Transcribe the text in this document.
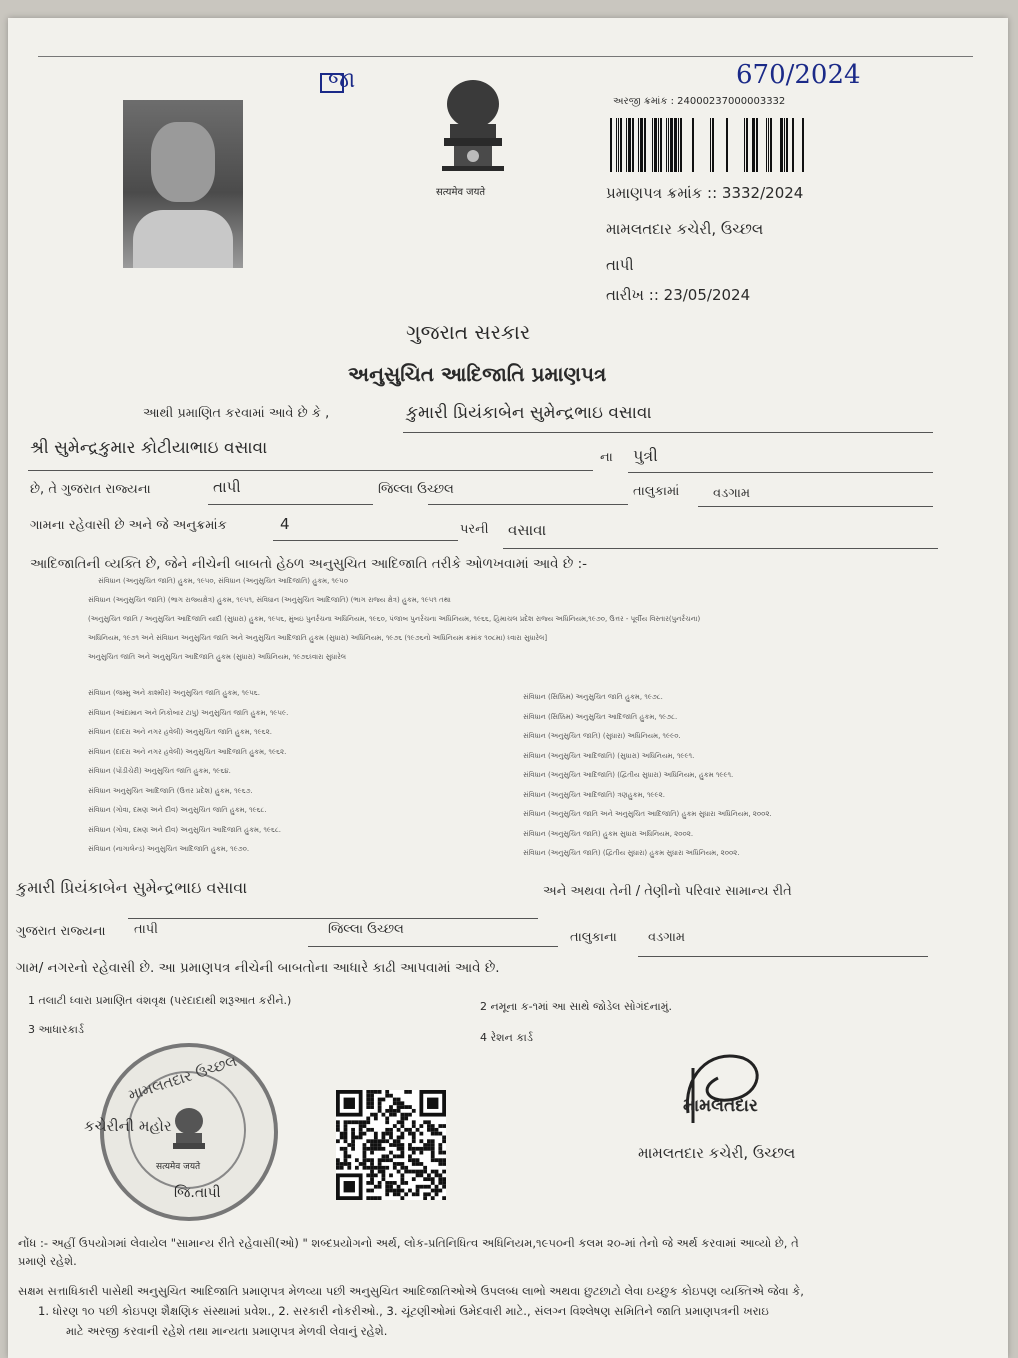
જા	670/2024
सत्यमेव जयते
અરજી ક્રમાંક : 24000237000003332
પ્રમાણપત્ર ક્રમાંક :: 3332/2024
મામલતદાર કચેરી, ઉચ્છલ
તાપી
તારીખ :: 23/05/2024
ગુજરાત સરકાર
અનુસુચિત આદિજાતિ પ્રમાણપત્ર
આથી પ્રમાણિત કરવામાં આવે છે કે ,	કુમારી પ્રિયંકાબેન સુમેન્દ્રભાઇ વસાવા
શ્રી સુમેન્દ્રકુમાર કોટીયાભાઇ વસાવા	ના પુત્રી
છે, તે ગુજરાત રાજ્યના	તાપી	જિલ્લા ઉચ્છલ	તાલુકામાં	વડગામ
ગામના રહેવાસી છે અને જે અનુક્રમાંક	4	પરની વસાવા
આદિજાતિની વ્યક્તિ છે, જેને નીચેની બાબતો હેઠળ અનુસુચિત આદિજાતિ તરીકે ઓળખવામાં આવે છે :-
સંવિધાન (અનુસુચિત જાતિ) હુકમ, ૧૯૫૦, સંવિધાન (અનુસુચિત આદિજાતિ) હુકમ, ૧૯૫૦
સંવિધાન (અનુસુચિત જાતિ) (ભાગ રાજ્યક્ષેત્ર) હુકમ, ૧૯૫૧, સંવિધાન (અનુસુચિત આદિજાતિ) (ભાગ રાજ્ય ક્ષેત્ર) હુકમ, ૧૯૫૧ તથા
(અનુસુચિત જાતિ / અનુસુચિત આદિજાતિ યાદી (સુધારા) હુકમ, ૧૯૫૬, મુંબઇ પુનર્રચના અધિનિયમ, ૧૯૬૦, પંજાબ પુનર્રચના અધિનિયમ, ૧૯૬૬, હિમાચલ પ્રદેશ રાજ્ય અધિનિયમ,૧૯૭૦, ઉત્તર - પૂર્વીય વિસ્તાર(પુનર્રચના)
અધિનિયમ, ૧૯૭૧ અને સંવિધાન અનુસુચિત જાતિ અને અનુસુચિત આદિજાતિ હુકમ (સુધારા) અધિનિયમ, ૧૯૭૬ (૧૯૭૬નો અધિનિયમ ક્રમાંક ૧૦૮મા) ધ્વારા સુધારેલ]
અનુસુચિત જાતિ અને અનુસુચિત આદિજાતિ હુકમ (સુધારા) અધિનિયમ, ૧૯૭૬ધ્વારા સુધારેલ
સંવિધાન (જમ્મુ અને કાશ્મીર) અનુસુચિત જાતિ હુકમ, ૧૯૫૬.
સંવિધાન (આંદામાન અને નિકોબાર ટાપુ) અનુસુચિત જાતિ હુકમ, ૧૯૫૯.
સંવિધાન (દાદરા અને નગર હવેલી) અનુસુચિત જાતિ હુકમ, ૧૯૬૨.
સંવિધાન (દાદરા અને નગર હવેલી) અનુસુચિત આદિજાતિ હુકમ, ૧૯૬૨.
સંવિધાન (પોંડીચેરી) અનુસુચિત જાતિ હુકમ, ૧૯૬૪.
સંવિધાન અનુસુચિત આદિજાતિ (ઉત્તર પ્રદેશ) હુકમ, ૧૯૬૭.
સંવિધાન (ગોવા, દમણ અને દીવ) અનુસુચિત જાતિ હુકમ, ૧૯૬૮.
સંવિધાન (ગોવા, દમણ અને દીવ) અનુસુચિત આદિજાતિ હુકમ, ૧૯૬૮.
સંવિધાન (નાગાલેન્ડ) અનુસુચિત આદિજાતિ હુકમ, ૧૯૭૦.
સંવિધાન (સિક્કિમ) અનુસુચિત જાતિ હુકમ, ૧૯૭૮.
સંવિધાન (સિક્કિમ) અનુસુચિત આદિજાતિ હુકમ, ૧૯૭૮.
સંવિધાન (અનુસુચિત જાતિ) (સુધારા) અધિનિયમ, ૧૯૯૦.
સંવિધાન (અનુસુચિત આદિજાતિ) (સુધારા) અધિનિયમ, ૧૯૯૧.
સંવિધાન (અનુસુચિત આદિજાતિ) (દ્વિતીય સુધારા) અધિનિયમ, હુકમ ૧૯૯૧.
સંવિધાન (અનુસુચિત આદિજાતિ) ત્રણહુકમ, ૧૯૯૨.
સંવિધાન (અનુસુચિત જાતિ અને અનુસુચિત આદિજાતિ) હુકમ સુધારા અધિનિયમ, ૨૦૦૨.
સંવિધાન (અનુસુચિત જાતિ) હુકમ સુધારા અધિનિયમ, ૨૦૦૨.
સંવિધાન (અનુસુચિત જાતિ) (દ્વિતીય સુધારા) હુકમ સુધારા અધિનિયમ, ૨૦૦૨.
કુમારી પ્રિયંકાબેન સુમેન્દ્રભાઇ વસાવા	અને અથવા તેની / તેણીનો પરિવાર સામાન્ય રીતે
ગુજરાત રાજ્યના તાપી	જિલ્લા ઉચ્છલ
તાલુકાના વડગામ
ગામ/ નગરનો રહેવાસી છે. આ પ્રમાણપત્ર નીચેની બાબતોના આધારે કાઢી આપવામાં આવે છે.
1 તલાટી ધ્વારા પ્રમાણિત વંશવૃક્ષ (પરદાદાથી શરૂઆત કરીને.)	2 નમૂના ક-૧માં આ સાથે જોડેલ સોગંદનામું.
3 આધારકાર્ડ
4 રેશન કાર્ડ
મામલતદાર ઉચ્છલ
કચેરીની મહોર
सत्यमेव जयते
જિ.તાપી
મામલતદાર
મામલતદાર કચેરી, ઉચ્છલ
નોંધ :- અહીં ઉપયોગમાં લેવાયેલ "સામાન્ય રીતે રહેવાસી(ઓ) " શબ્દપ્રયોગનો અર્થ, લોક-પ્રતિનિધિત્વ અધિનિયમ,૧૯૫૦ની કલમ ૨૦-માં તેનો જે અર્થ કરવામાં આવ્યો છે, તે
પ્રમાણે રહેશે.
સક્ષમ સત્તાધિકારી પાસેથી અનુસુચિત આદિજાતિ પ્રમાણપત્ર મેળવ્યા પછી અનુસુચિત આદિજાતિઓએ ઉપલબ્ધ લાભો અથવા છુટછાટો લેવા ઇચ્છુક કોઇપણ વ્યક્તિએ જેવા કે,
1. ધોરણ ૧૦ પછી કોઇપણ શૈક્ષણિક સંસ્થામાં પ્રવેશ., 2. સરકારી નોકરીઓ., 3. ચૂંટણીઓમાં ઉમેદવારી માટે., સંલગ્ન વિશ્લેષણ સમિતિને જાતિ પ્રમાણપત્રની ખરાઇ
માટે અરજી કરવાની રહેશે તથા માન્યતા પ્રમાણપત્ર મેળવી લેવાનું રહેશે.
